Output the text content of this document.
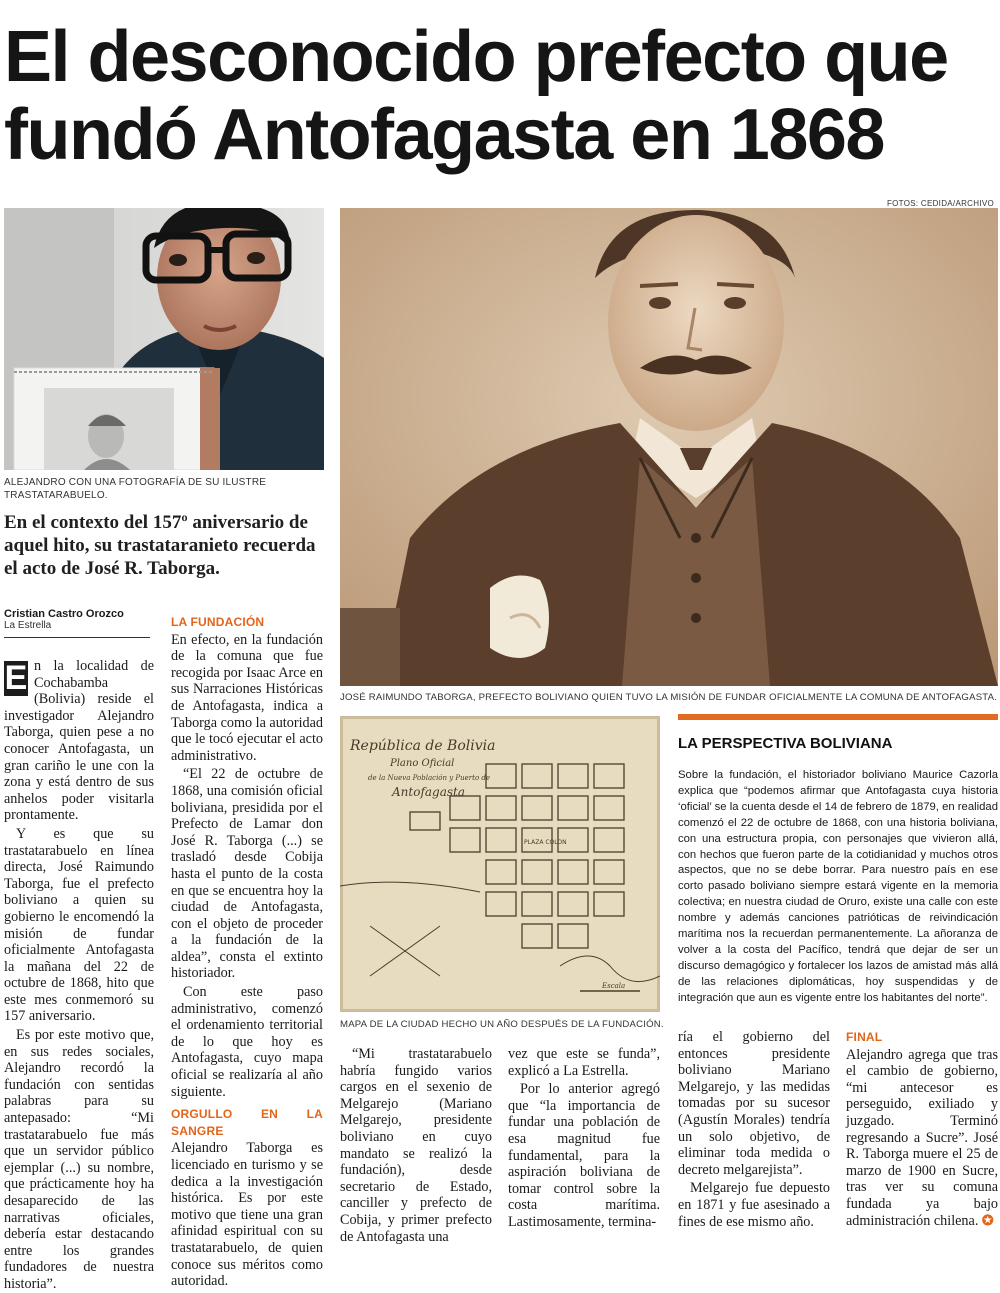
El desconocido prefecto que fundó Antofagasta en 1868
FOTOS: CEDIDA/ARCHIVO
ALEJANDRO CON UNA FOTOGRAFÍA DE SU ILUSTRE TRASTATARABUELO.
En el contexto del 157º aniversario de aquel hito, su trastataranieto recuerda el acto de José R. Taborga.
Cristian Castro Orozco
La Estrella
JOSÉ RAIMUNDO TABORGA, PREFECTO BOLIVIANO QUIEN TUVO LA MISIÓN DE FUNDAR OFICIALMENTE LA COMUNA DE ANTOFAGASTA.
República de Bolivia
Plano Oficial
de la Nueva Población y Puerto de
Antofagasta
PLAZA COLON
Escala
MAPA DE LA CIUDAD HECHO UN AÑO DESPUÉS DE LA FUNDACIÓN.
LA PERSPECTIVA BOLIVIANA
Sobre la fundación, el historiador boliviano Maurice Cazorla explica que “podemos afirmar que Antofagasta cuya historia ‘oficial’ se la cuenta desde el 14 de febrero de 1879, en realidad comenzó el 22 de octubre de 1868, con una historia boliviana, con una estructura propia, con personajes que vivieron allá, con hechos que fueron parte de la cotidianidad y muchos otros aspectos, que no se debe borrar. Para nuestro país en ese corto pasado boliviano siempre estará vigente en la memoria colectiva; en nuestra ciudad de Oruro, existe una calle con este nombre y además canciones patrióticas de reivindicación marítima nos la recuerdan permanentemente. La añoranza de volver a la costa del Pacífico, tendrá que dejar de ser un discurso demagógico y fortalecer los lazos de amistad más allá de las relaciones diplomáticas, hoy suspendidas y de integración que aun es vigente entre los habitantes del norte”.

E n la localidad de Cochabamba (Bolivia) reside el investigador Alejandro Taborga, quien pese a no conocer Antofagasta, un gran cariño le une con la zona y está dentro de sus anhelos poder visitarla prontamente.

Y es que su trastatarabuelo en línea directa, José Raimundo Taborga, fue el prefecto boliviano a quien su gobierno le encomendó la misión de fundar oficialmente Antofagasta la mañana del 22 de octubre de 1868, hito que este mes conmemoró su 157 aniversario.

Es por este motivo que, en sus redes sociales, Alejandro recordó la fundación con sentidas palabras para su antepasado: “Mi trastatarabuelo fue más que un servidor público ejemplar (...) su nombre, que prácticamente hoy ha desaparecido de las narrativas oficiales, debería estar destacando entre los grandes fundadores de nuestra historia”.

LA FUNDACIÓN

En efecto, en la fundación de la comuna que fue recogida por Isaac Arce en sus Narraciones Históricas de Antofagasta, indica a Taborga como la autoridad que le tocó ejecutar el acto administrativo.

“El 22 de octubre de 1868, una comisión oficial boliviana, presidida por el Prefecto de Lamar don José R. Taborga (...) se trasladó desde Cobija hasta el punto de la costa en que se encuentra hoy la ciudad de Antofagasta, con el objeto de proceder a la fundación de la aldea”, consta el extinto historiador.

Con este paso administrativo, comenzó el ordenamiento territorial de lo que hoy es Antofagasta, cuyo mapa oficial se realizaría al año siguiente.

ORGULLO EN LA SANGRE

Alejandro Taborga es licenciado en turismo y se dedica a la investigación histórica. Es por este motivo que tiene una gran afinidad espiritual con su trastatarabuelo, de quien conoce sus méritos como autoridad.

“Mi trastatarabuelo habría fungido varios cargos en el sexenio de Melgarejo (Mariano Melgarejo, presidente boliviano en cuyo mandato se realizó la fundación), desde secretario de Estado, canciller y prefecto de Cobija, y primer prefecto de Antofagasta una

vez que este se funda”, explicó a La Estrella.

Por lo anterior agregó que “la importancia de fundar una población de esa magnitud fue fundamental, para la aspiración boliviana de tomar control sobre la costa marítima. Lastimosamente, termina-

ría el gobierno del entonces presidente boliviano Mariano Melgarejo, y las medidas tomadas por su sucesor (Agustín Morales) tendría un solo objetivo, de eliminar toda medida o decreto melgarejista”.

Melgarejo fue depuesto en 1871 y fue asesinado a fines de ese mismo año.

FINAL

Alejandro agrega que tras el cambio de gobierno, “mi antecesor es perseguido, exiliado y juzgado. Terminó regresando a Sucre”. José R. Taborga muere el 25 de marzo de 1900 en Sucre, tras ver su comuna fundada ya bajo administración chilena. ✪
